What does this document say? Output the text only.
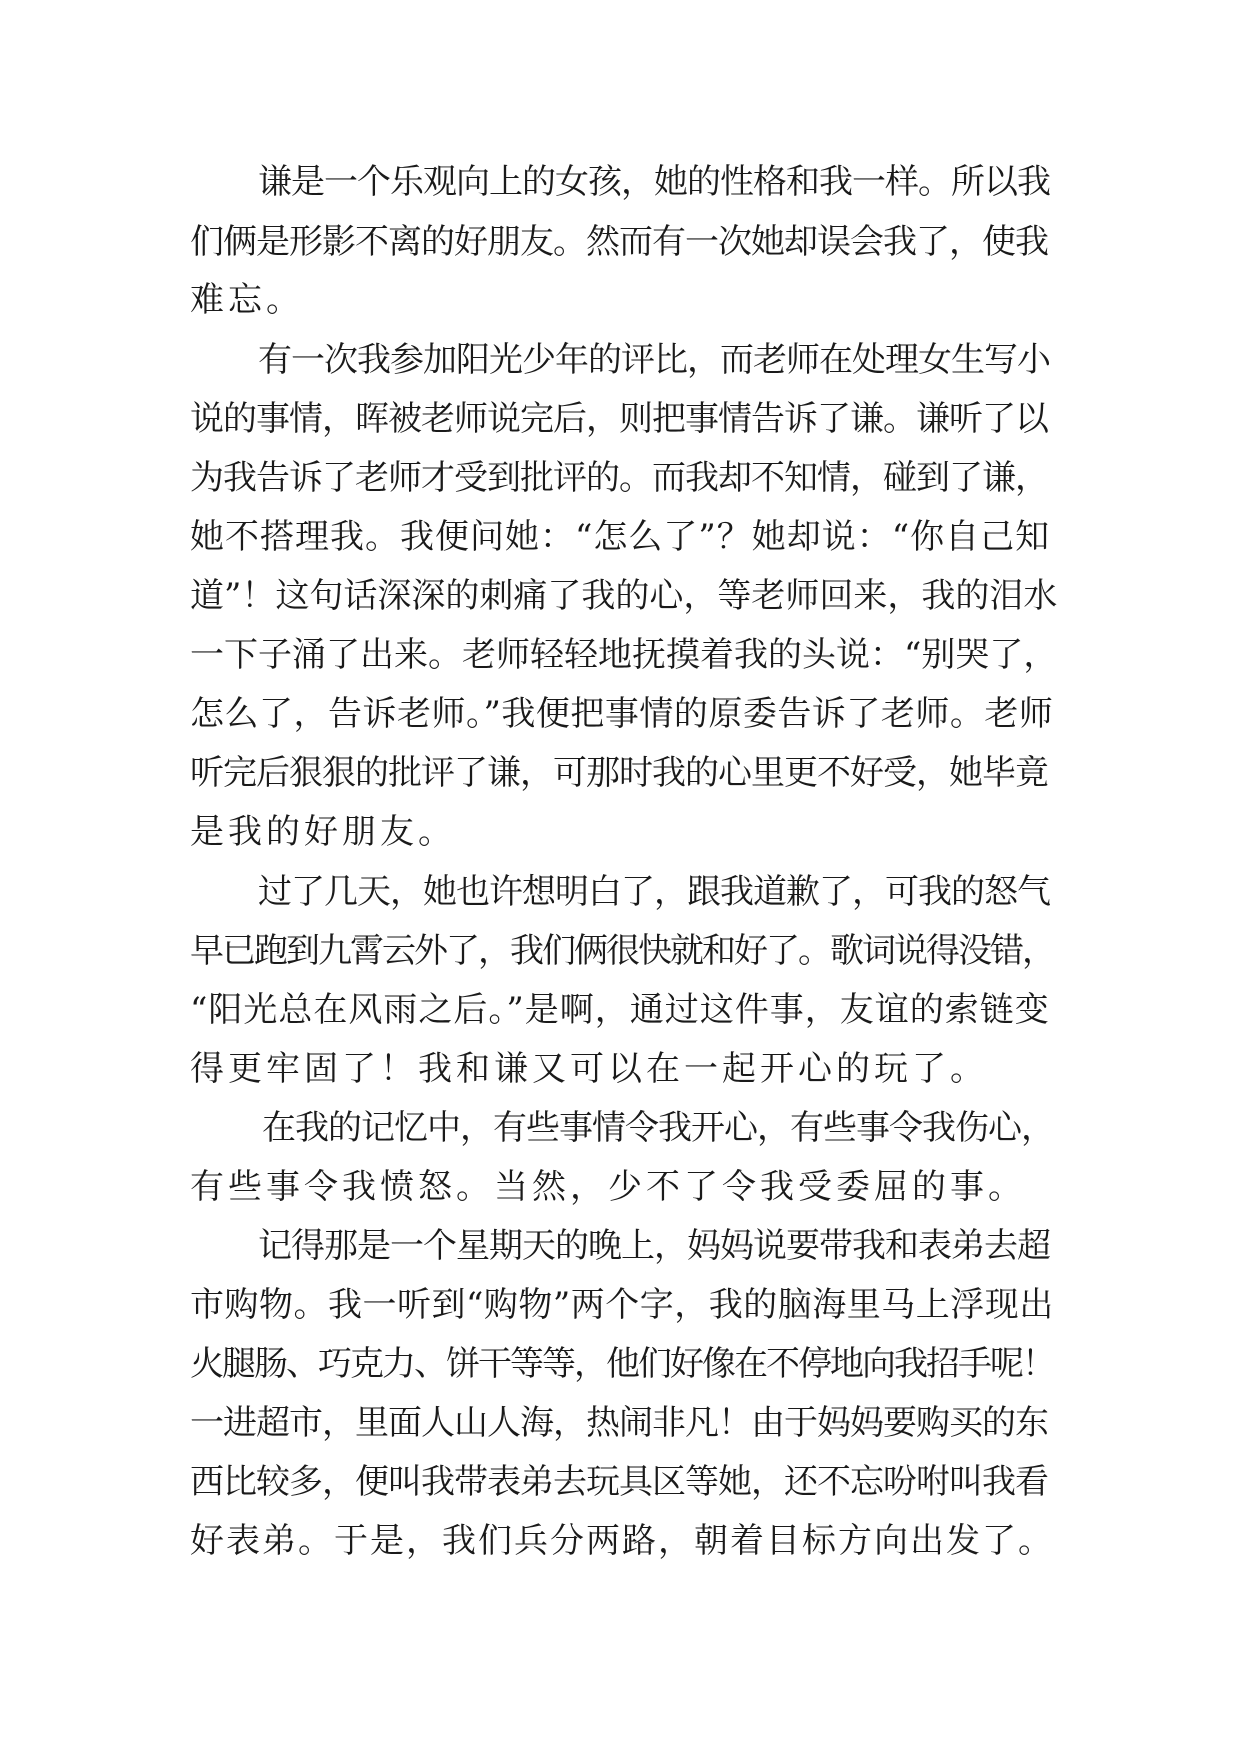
谦是一个乐观向上的女孩，她的性格和我一样。所以我
们俩是形影不离的好朋友。然而有一次她却误会我了，使我
难忘。
有一次我参加阳光少年的评比，而老师在处理女生写小
说的事情，晖被老师说完后，则把事情告诉了谦。谦听了以
为我告诉了老师才受到批评的。而我却不知情，碰到了谦，
她不搭理我。我便问她：“怎么了”？她却说：“你自己知
道”！这句话深深的刺痛了我的心，等老师回来，我的泪水
一下子涌了出来。老师轻轻地抚摸着我的头说：“别哭了，
怎么了，告诉老师。”我便把事情的原委告诉了老师。老师
听完后狠狠的批评了谦，可那时我的心里更不好受，她毕竟
是我的好朋友。
过了几天，她也许想明白了，跟我道歉了，可我的怒气
早已跑到九霄云外了，我们俩很快就和好了。歌词说得没错，
“阳光总在风雨之后。”是啊，通过这件事，友谊的索链变
得更牢固了！我和谦又可以在一起开心的玩了。
在我的记忆中，有些事情令我开心，有些事令我伤心，
有些事令我愤怒。当然，少不了令我受委屈的事。
记得那是一个星期天的晚上，妈妈说要带我和表弟去超
市购物。我一听到“购物”两个字，我的脑海里马上浮现出
火腿肠、巧克力、饼干等等，他们好像在不停地向我招手呢！
一进超市，里面人山人海，热闹非凡！由于妈妈要购买的东
西比较多，便叫我带表弟去玩具区等她，还不忘吩咐叫我看
好表弟。于是，我们兵分两路，朝着目标方向出发了。
